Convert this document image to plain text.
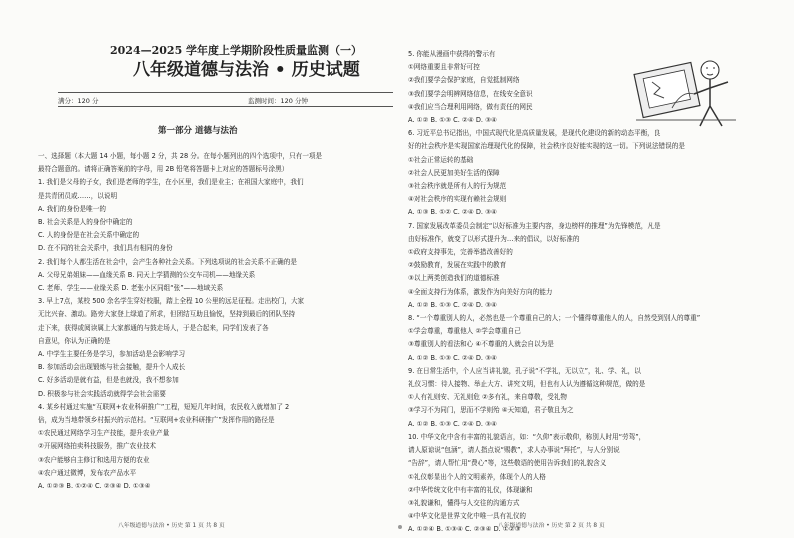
2024—2025 学年度上学期阶段性质量监测（一）
八年级道德与法治 • 历史试题
满分：120 分	监测时间：120 分钟
第一部分 道德与法治
一、选择题（本大题 14 小题，每小题 2 分，共 28 分。在每小题列出的四个选项中，只有一项是
最符合题意的。请将正确答案前的字母，用 2B 铅笔将答题卡上对应的答题标号涂黑）
1. 我们是父母的子女，我们是老师的学生，在小区里，我们是业主；在祖国大家庭中，我们
是共青团员或……，以说明
A. 我们的身份是唯一的
B. 社会关系是人的身份中确定的
C. 人的身份是在社会关系中确定的
D. 在不同的社会关系中，我们具有相同的身份
2. 我们每个人都生活在社会中，会产生各种社会关系。下列选项说的社会关系不正确的是
A. 父母兄弟姐妹——血缘关系 B. 同天上学猜测的公交车司机——地缘关系
C. 老师、学生——业缘关系 D. 老张小区同组“张”——地域关系
3. 早上7点，某校 500 余名学生穿好校服，踏上全程 10 公里的远足征程。走出校门，大家
无比兴奋、激动。路旁大家登上绿道了所求，但团结互助且愉悦，坚持到最后的团队坚持
走下来，获得或阅读属上大家都通的与鼓走场人，于是合起来，同学们发表了各
自意见，你认为正确的是
A. 中学生主要任务是学习，参加活动是会影响学习
B. 参加活动会出现锻炼与社会接触，提升个人成长
C. 好多活动是就有益，但是也就没，我不想参加
D. 积极参与社会实践活动就得学会社会需要
4. 某乡村通过实施“互联网+农业科研推广”工程，短短几年时间，农民收入就增加了 2
倍，成为当地带领乡村振兴的示范村。“互联网+农业科研推广”发挥作用的路径是
①农民通过网络学习生产技能，提升农业产量
②开展网络拍卖科技服务，推广农业技术
③农户能够自主修订和选用方便的农业
④农户通过微博，发布农产品水平
A. ①②③ B. ①②④ C. ②③④ D. ①③④
八年级道德与法治 • 历史 第 1 页 共 8 页
5. 你能从漫画中获得的警示有
①网络重要且非常好可控
②我们要学会保护家庭，自觉抵制网络
③我们要学会明辨网络信息，在线安全意识
④我们应当合理利用网络，做有责任的网民
A. ①② B. ①③ C. ②④ D. ③④
6. 习近平总书记指出，中国式现代化是高质量发展，是现代化建设的新的动态平衡，良
好的社会秩序是实现国家治理现代化的保障，社会秩序良好能实现的这一切。下列说法错误的是
①社会正常运转的基础
②社会人民更加美好生活的保障
③社会秩序就是所有人的行为规范
④对社会秩序的实现有赖社会规则
A. ①③ B. ①② C. ②④ D. ③④
7. 国家发展改革委员会制定“以好标准为主要内容，身边榜样的推理”为先锋模范，凡是
由好标准作，就变了以形式提升为…来的倡议，以好标准的
①政府支持事先，完善举措改善好的
②鼓励教育，发展在实践中的教育
③以上两类创造我们的道德标准
④全面支持行为体系，激发作为向美好方向的能力
A. ①② B. ①③ C. ②④ D. ③④
8. “一个尊重别人的人，必然也是一个尊重自己的人；一个懂得尊重他人的人，自然受到别人的尊重”
①学会尊重，尊重他人 ②学会尊重自己
③尊重别人的看法和心 ④不尊重的人就会自以为是
A. ①② B. ①③ C. ②④ D. ③④
9. 在日常生活中，个人应当讲礼貌，孔子说“不学礼，无以立”，礼、学、礼，以
礼仪习惯：待人接物、举止大方、讲究文明，但也有人认为遵循这种规范，做的是
①人有礼则安、无礼则危 ②多有礼，来自尊敬，受礼物
③学习不为同门，思而不学则殆 ④天知道，君子敬且为之
A. ①② B. ①③ C. ②④ D. ③④
10. 中华文化中含有丰富的礼貌语言，如：“久仰”表示敬仰，称别人时用“劳驾”，
请人原谅说“包涵”，请人指点说“赐教”，求人办事说“拜托”，与人分别说
“告辞”，请人帮忙用“费心”等，这些敬语的使用告诉我们的礼貌含义
①礼仪彰显出个人的文明素养，体现个人的人格
②中华传统文化中有丰富的礼仪，体现谦和
③礼貌谦和，懂得与人交往的沟通方式
④中华文化是世界文化中唯一具有礼仪的
A. ①②④ B. ①③④ C. ②③④ D. ①②③
八年级道德与法治 • 历史 第 2 页 共 8 页
